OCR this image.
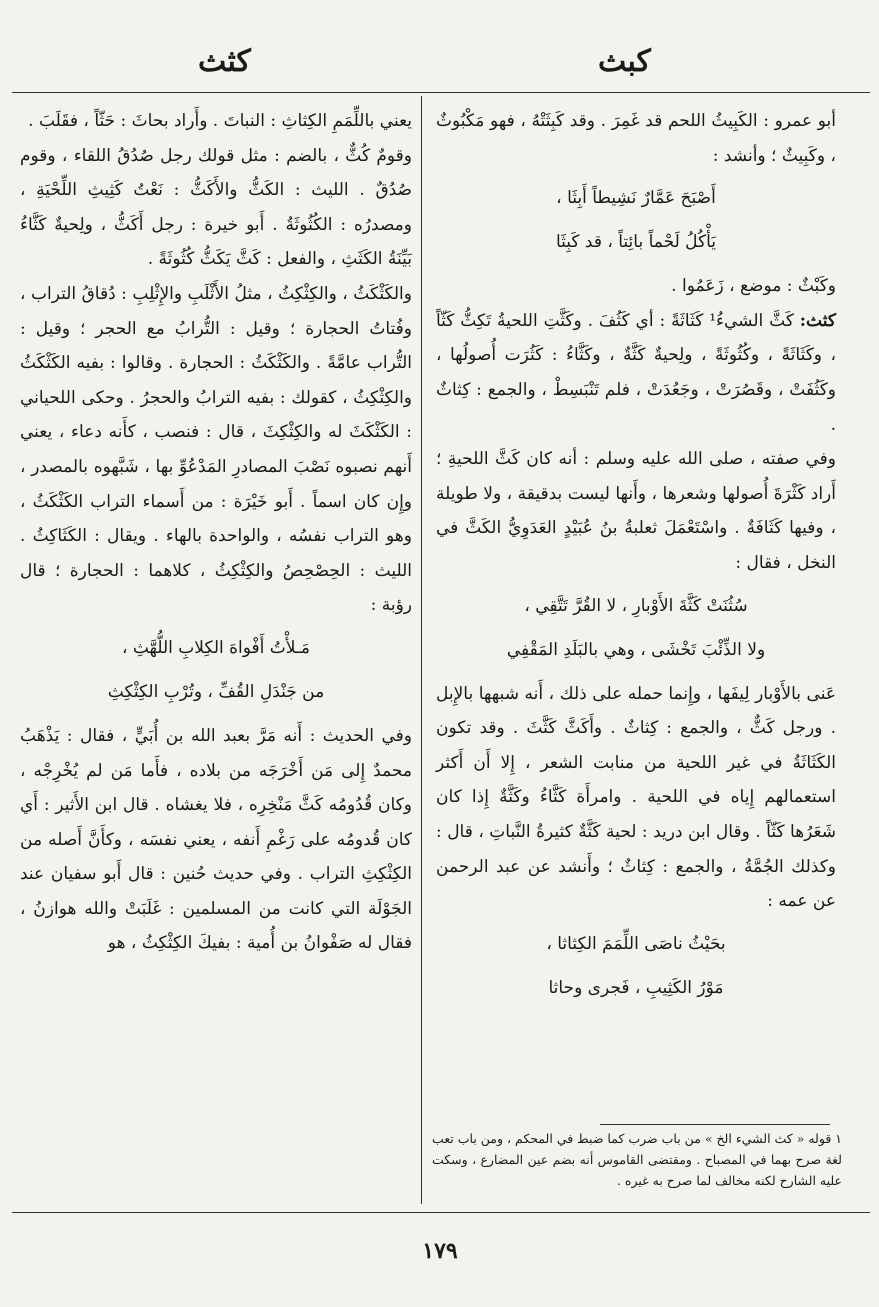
كبث
كثث
أبو عمرو : الكَبِيثُ اللحم قد غَمِرَ . وقد كَبِثَتْهُ ، فهو مَكْبُوثٌ ، وكَبِيثٌ ؛ وأنشد :
أَصْبَحَ عَمَّارٌ نَشِيطاً أَبِثَا ،
يَأْكُلُ لَحْماً بائِتاً ، قد كَبِثَا
وكَبْثٌ : موضع ، زَعَمُوا .
كثث: كَثَّ الشيءُ¹ كَثَاثَةً : أي كَثُفَ . وكَثَّتِ اللحيةُ تَكِثُّ كَثّاً ، وكَثَاثَةً ، وكُثُوثَةً ، ولِحيةٌ كَثَّةٌ ، وكَثَّاءُ : كَثُرَت أُصولُها ، وكَثُفَتْ ، وقَصُرَتْ ، وجَعُدَتْ ، فلم تَنْبَسِطْ ، والجمع : كِثاثٌ .
وفي صفته ، صلى الله عليه وسلم : أنه كان كَثَّ اللحيةِ ؛ أَراد كَثْرَةَ أُصولها وشعرها ، وأَنها ليست بدقيقة ، ولا طويلة ، وفيها كَثَافَةٌ . واسْتَعْمَلَ ثعلبةُ بنُ عُبَيْدٍ العَدَوِيُّ الكَثَّ في النخل ، فقال :
سُثُنَتْ كَثَّةَ الأَوْبارِ ، لا القُرَّ تَتَّقِي ،
ولا الذِّئْبَ تَخْشَى ، وهي بالبَلَدِ المَقْفِي
عَنى بالأَوْبار لِيفَها ، وإِنما حمله على ذلك ، أَنه شبهها بالإِبل . ورجل كَثٌّ ، والجمع : كِثاثٌ . وأَكَثَّ كَثَّثَ . وقد تكون الكَثَاثَةُ في غير اللحية من منابت الشعر ، إِلا أَن أَكثر استعمالهم إِياه في اللحية . وامرأَة كَثَّاءُ وكَثَّةٌ إِذا كان شَعَرُها كَثّاً . وقال ابن دريد : لحية كَثَّةٌ كثيرةُ النَّباتِ ، قال : وكذلك الجُمَّةُ ، والجمع : كِثاثٌ ؛ وأَنشد عن عبد الرحمن عن عمه :
بحَيْثُ ناصَى اللِّمَمَ الكِثاثا ،
مَوْرُ الكَثِيبِ ، فَجرى وحاثا
يعني باللِّمَمِ الكِثاثِ : النباتَ . وأَراد بحاثَ : حَثّاً ، فقَلَبَ .
وقومٌ كُثٌّ ، بالضم : مثل قولك رجل صُدُقُ اللقاء ، وقوم صُدُقٌ . الليث : الكَثُّ والأَكَثُّ : نَعْتُ كَثِيثِ اللِّحْيَةِ ، ومصدرُه : الكُثُوثَةُ . أَبو خيرة : رجل أَكَثُّ ، ولِحيةٌ كَثَّاءُ بَيِّنَةُ الكَثَثِ ، والفعل : كَثَّ يَكَثُّ كُثُوثَةً .
والكَثْكَثُ ، والكِثْكِثُ ، مثلُ الأَثْلَبِ والإِثْلِبِ : دُقاقُ التراب ، وفُتاتُ الحجارة ؛ وقيل : التُّرابُ مع الحجر ؛ وقيل : التُّراب عامَّةً . والكَثْكَثُ : الحجارة . وقالوا : بفيه الكَثْكَثُ والكِثْكِثُ ، كقولك : بفيه الترابُ والحجرُ . وحكى اللحياني : الكَثْكَثَ له والكِثْكِثَ ، قال : فنصب ، كأَنه دعاء ، يعني أَنهم نصبوه نَصْبَ المصادرِ المَدْعُوِّ بها ، شَبَّهوه بالمصدر ، وإِن كان اسماً . أَبو خَيْرَة : من أَسماء التراب الكَثْكَثُ ، وهو التراب نفسُه ، والواحدة بالهاء . ويقال : الكَثَاكِثُ . الليث : الحِصْحِصُ والكِثْكِثُ ، كلاهما : الحجارة ؛ قال رؤبة :
مَـلأْتُ أَفْواهَ الكِلابِ اللُّهَّثِ ،
من جَنْدَلِ القُفِّ ، وتُرْبِ الكِثْكِثِ
وفي الحديث : أَنه مَرَّ بعبد الله بن أُبَيٍّ ، فقال : يَذْهَبُ محمدٌ إِلى مَن أَخْرَجَه من بلاده ، فأَما مَن لم يُخْرِجْه ، وكان قُدُومُه كَثَّ مَنْخِرِه ، فلا يغشاه . قال ابن الأَثير : أَي كان قُدومُه على رَغْمِ أَنفه ، يعني نفسَه ، وكأَنَّ أَصله من الكِثْكِثِ التراب . وفي حديث حُنين : قال أَبو سفيان عند الجَوْلَة التي كانت من المسلمين : غَلَبَتْ والله هوازنُ ، فقال له صَفْوانُ بن أُمية : بفيكَ الكِثْكِثُ ، هو
١ قوله « كث الشيء الخ » من باب ضرب كما ضبط في المحكم ، ومن باب تعب لغة صرح بهما في المصباح . ومقتضى القاموس أنه بضم عين المضارع ، وسكت عليه الشارح لكنه مخالف لما صرح به غيره .
١٧٩
